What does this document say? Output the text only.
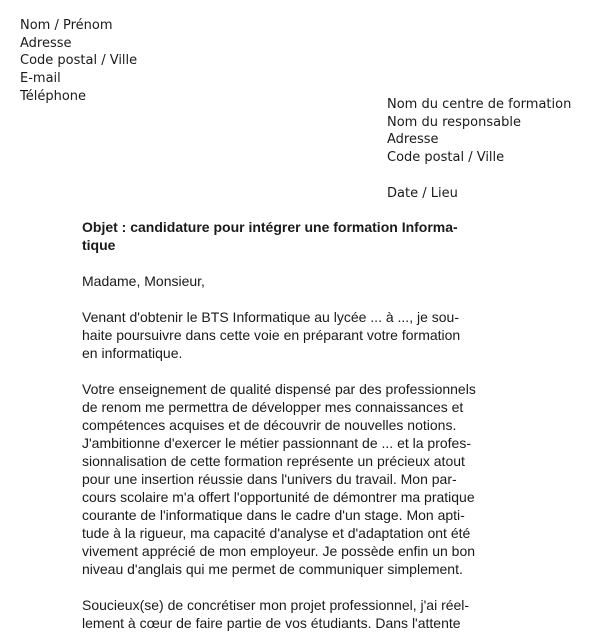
Nom / Prénom
Adresse
Code postal / Ville
E-mail
Téléphone
Nom du centre de formation
Nom du responsable
Adresse
Code postal / Ville
Date / Lieu
Objet : candidature pour intégrer une formation Informa-
tique
Madame, Monsieur,
Venant d'obtenir le BTS Informatique au lycée ... à ..., je sou-
haite poursuivre dans cette voie en préparant votre formation
en informatique.
Votre enseignement de qualité dispensé par des professionnels
de renom me permettra de développer mes connaissances et
compétences acquises et de découvrir de nouvelles notions.
J'ambitionne d'exercer le métier passionnant de ... et la profes-
sionnalisation de cette formation représente un précieux atout
pour une insertion réussie dans l'univers du travail. Mon par-
cours scolaire m'a offert l'opportunité de démontrer ma pratique
courante de l'informatique dans le cadre d'un stage. Mon apti-
tude à la rigueur, ma capacité d'analyse et d'adaptation ont été
vivement apprécié de mon employeur. Je possède enfin un bon
niveau d'anglais qui me permet de communiquer simplement.
Soucieux(se) de concrétiser mon projet professionnel, j'ai réel-
lement à cœur de faire partie de vos étudiants. Dans l'attente
